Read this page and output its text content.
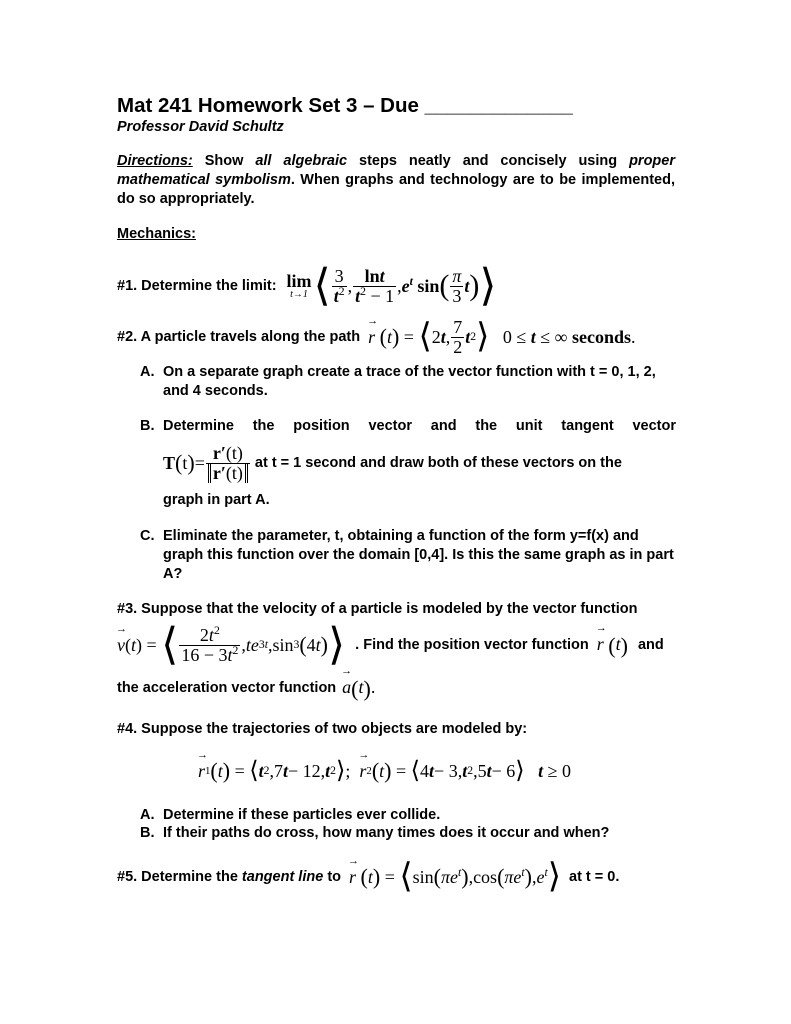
Mat 241 Homework Set 3 – Due _____________
Professor David Schultz
Directions: Show all algebraic steps neatly and concisely using proper mathematical symbolism. When graphs and technology are to be implemented, do so appropriately.
Mechanics:
#1. Determine the limit: lim
t→1 ⟨ $\frac{3}{t^2}$ , $\frac{\ln t}{t^2 - 1}$ , $e^t$
sin ( $\frac{\pi}{3}$ t ) ⟩
#2. A particle travels along the path → r
( t ) = ⟨ 2 t , $\frac{7}{2}$ t 2 ⟩ 0 ≤ t ≤ ∞ seconds .
A. On a separate graph create a trace of the vector function with t = 0, 1, 2, and 4 seconds.
B. Determine the position vector and the unit tangent vector
T ( t ) = $\frac{r'(t)}{r'(t)}$ at t = 1 second and draw both of these vectors on the
graph in part A.
C. Eliminate the parameter, t, obtaining a function of the form y=f(x) and graph this function over the domain [0,4]. Is this the same graph as in part A?
#3. Suppose that the velocity of a particle is modeled by the vector function
→ v ( t ) = ⟨ $\frac{2t^2}{16 - 3t^2}$ , te 3t , sin 3 ( 4 t ) ⟩ . Find the position vector function → r (t) and
the acceleration vector function → a(t).
#4. Suppose the trajectories of two objects are modeled by:
→ r 1 ( t ) = ⟨ t 2 ,7 t − 12, t 2 ⟩ ; → r 2 ( t ) = ⟨ 4 t − 3, t 2 ,5 t − 6 ⟩
t ≥ 0
A. Determine if these particles ever collide.
B. If their paths do cross, how many times does it occur and when?
#5. Determine the tangent line to → r
( t ) = ⟨ sin ( $\pi e^t$ ) ,cos ( $\pi e^t$ ) , $e^t$ ⟩ at t = 0.
